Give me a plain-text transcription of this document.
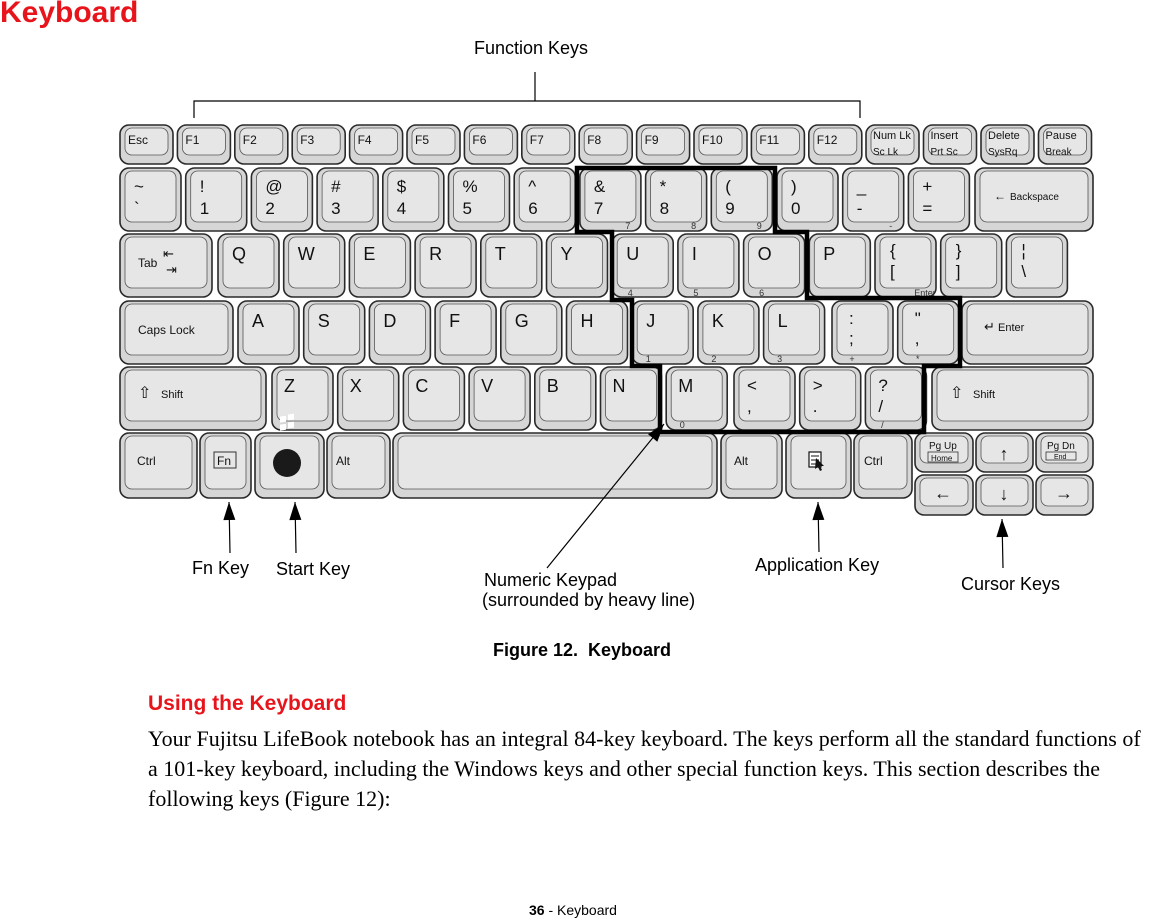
Keyboard
Esc	F1	F2	F3	F4	F5	F6	F7	F8	F9	F10	F11	F12	Num Lk
Sc Lk
Insert
Prt Sc
Delete
SysRq
Pause
Break
~
`
!
1
@
2
#
3
$
4
%
5
^
6
&
7
7
*
8
8
(
9
9
)
0
_
-
-
+
=
← Backspace
Tab
⇤
⇥
Q	W	E	R	T	Y	U
4
I
5
O
6
P	{
[
Enter
}
]
¦
\
Caps Lock	A	S	D	F	G	H	J
1
K
2
L
3
:
;
+
"
,
*
↵ Enter
⇧ Shift	Z	X	C	V	B	N	M
0
<
,
>
.
?
/
/
⇧ Shift
Ctrl	Fn	Alt	Alt	Ctrl
Pg Up
Home	↑	Pg Dn
End
←	↓	→
Function Keys
Fn Key Start Key
Numeric Keypad
(surrounded by heavy line)
Application Key
Cursor Keys
Figure 12.  Keyboard
Using the Keyboard
Your Fujitsu LifeBook notebook has an integral 84-key keyboard. The keys perform all the standard functions of a 101-key keyboard, including the Windows keys and other special function keys. This section describes the following keys (Figure 12):
36 - Keyboard
